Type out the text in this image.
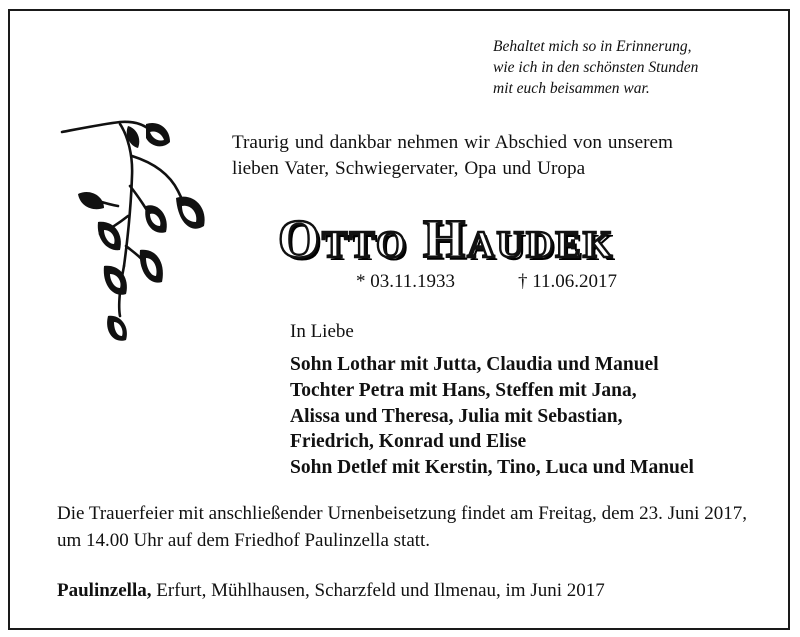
Behaltet mich so in Erinnerung,
wie ich in den schönsten Stunden
mit euch beisammen war.
Traurig und dankbar nehmen wir Abschied von unserem
lieben Vater, Schwiegervater, Opa und Uropa
Otto Haudek
* 03.11.1933	† 11.06.2017
In Liebe
Sohn Lothar mit Jutta, Claudia und Manuel
Tochter Petra mit Hans, Steffen mit Jana,
Alissa und Theresa, Julia mit Sebastian,
Friedrich, Konrad und Elise
Sohn Detlef mit Kerstin, Tino, Luca und Manuel
Die Trauerfeier mit anschließender Urnenbeisetzung findet am Freitag, dem 23. Juni 2017, um 14.00 Uhr auf dem Friedhof Paulinzella statt.
Paulinzella, Erfurt, Mühlhausen, Scharzfeld und Ilmenau, im Juni 2017
